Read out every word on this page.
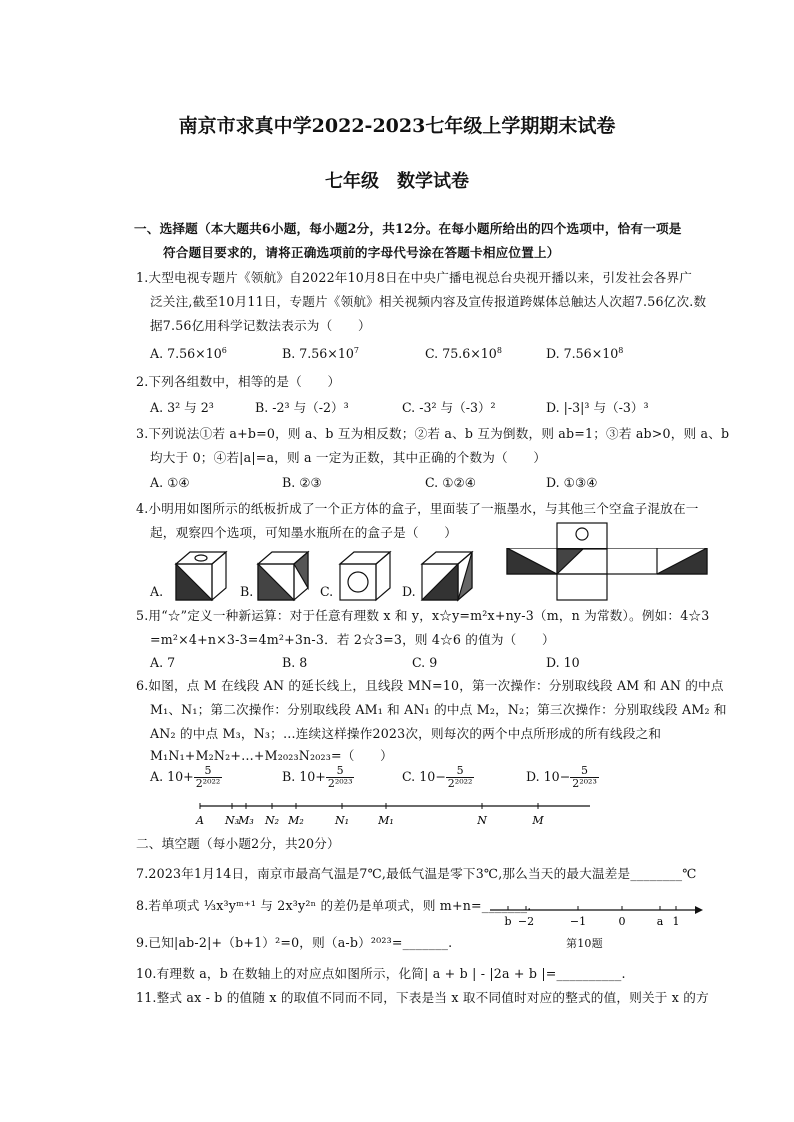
南京市求真中学2022-2023七年级上学期期末试卷
七年级　数学试卷
一、选择题（本大题共6小题，每小题2分，共12分。在每小题所给出的四个选项中，恰有一项是
符合题目要求的，请将正确选项前的字母代号涂在答题卡相应位置上）
1.大型电视专题片《领航》自2022年10月8日在中央广播电视总台央视开播以来，引发社会各界广
泛关注,截至10月11日，专题片《领航》相关视频内容及宣传报道跨媒体总触达人次超7.56亿次.数
据7.56亿用科学记数法表示为（　　）
A. $7.56\times 10^6$	B. $7.56\times 10^7$	C. $75.6\times 10^8$	D. $7.56\times 10^8$
2.下列各组数中，相等的是（　　）
A. 3² 与 2³	B. -2³ 与（-2）³	C. -3² 与（-3）²	D. |-3|³ 与（-3）³
3.下列说法①若 a+b=0，则 a、b 互为相反数；②若 a、b 互为倒数，则 ab=1；③若 ab>0，则 a、b
均大于 0；④若|a|=a，则 a 一定为正数，其中正确的个数为（　　）
A. ①④	B. ②③	C. ①②④	D. ①③④
4.小明用如图所示的纸板折成了一个正方体的盒子，里面装了一瓶墨水，与其他三个空盒子混放在一
起，观察四个选项，可知墨水瓶所在的盒子是（　　）
A.	B.	C.	D.
5.用“☆”定义一种新运算：对于任意有理数 x 和 y，x☆y=m²x+ny-3（m，n 为常数）。例如：4☆3
=m²×4+n×3-3=4m²+3n-3．若 2☆3=3，则 4☆6 的值为（　　）
A. 7	B. 8	C. 9	D. 10
6.如图，点 M 在线段 AN 的延长线上，且线段 MN=10，第一次操作：分别取线段 AM 和 AN 的中点
M₁、N₁；第二次操作：分别取线段 AM₁ 和 AN₁ 的中点 M₂，N₂；第三次操作：分别取线段 AM₂ 和
AN₂ 的中点 M₃，N₃；…连续这样操作2023次，则每次的两个中点所形成的所有线段之和
M₁N₁+M₂N₂+…+M₂₀₂₃N₂₀₂₃=（　　）
A. $10+ \frac{5}{\text{2²⁰²²}}$	B. $10+ \frac{5}{\text{2²⁰²³}}$	C. $10- \frac{5}{\text{2²⁰²²}}$	D. $10- \frac{5}{\text{2²⁰²³}}$
A N₃ M₃ N₂ M₂	N₁	M₁	N	M
二、填空题（每小题2分，共20分）
7.2023年1月14日，南京市最高气温是7℃,最低气温是零下3℃,那么当天的最大温差是________℃
8.若单项式 ⅓x³yᵐ⁺¹ 与 2x³y²ⁿ 的差仍是单项式，则 m+n=_______.
b −2	−1	0	a 1
第10题
9.已知|ab-2|+（b+1）²=0，则（a-b）²⁰²³=_______.
10.有理数 a，b 在数轴上的对应点如图所示，化简| a + b | - |2a + b |=__________.
11.整式 ax - b 的值随 x 的取值不同而不同，下表是当 x 取不同值时对应的整式的值，则关于 x 的方
